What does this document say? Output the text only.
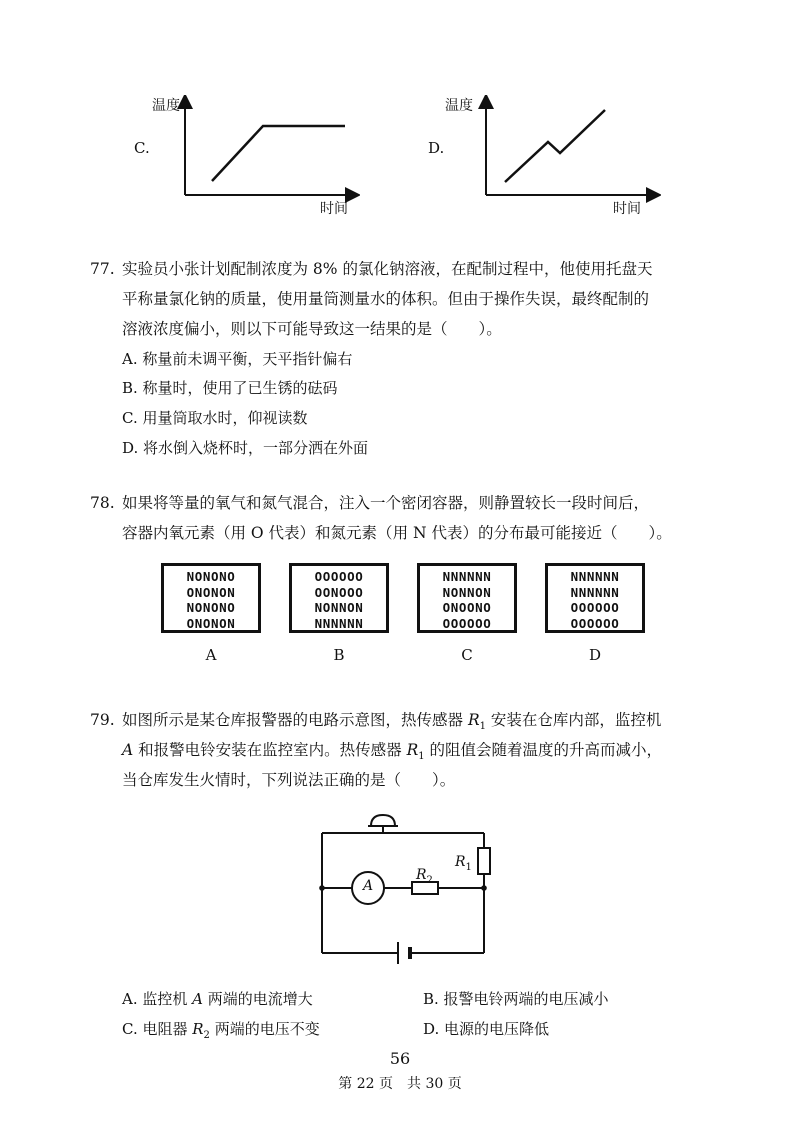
C.
温度
时间
D.
温度
时间
77. 实验员小张计划配制浓度为 8% 的氯化钠溶液，在配制过程中，他使用托盘天
平称量氯化钠的质量，使用量筒测量水的体积。但由于操作失误，最终配制的
溶液浓度偏小，则以下可能导致这一结果的是（　　）。
A. 称量前未调平衡，天平指针偏右
B. 称量时，使用了已生锈的砝码
C. 用量筒取水时，仰视读数
D. 将水倒入烧杯时，一部分洒在外面
78. 如果将等量的氧气和氮气混合，注入一个密闭容器，则静置较长一段时间后，
容器内氧元素（用 O 代表）和氮元素（用 N 代表）的分布最可能接近（　　）。
NONONO
ONONON
NONONO
ONONON
A
OOOOOO
OONOOO
NONNON
NNNNNN
B
NNNNNN
NONNON
ONOONO
OOOOOO
C
NNNNNN
NNNNNN
OOOOOO
OOOOOO
D
79. 如图所示是某仓库报警器的电路示意图，热传感器 $R_1$ 安装在仓库内部，监控机
A 和报警电铃安装在监控室内。热传感器 $R_1$ 的阻值会随着温度的升高而减小，
当仓库发生火情时，下列说法正确的是（　　）。
A
$R_2$
$R_1$
A. 监控机 A 两端的电流增大	B. 报警电铃两端的电压减小
C. 电阻器 $R_2$ 两端的电压不变	D. 电源的电压降低
56
第 22 页　共 30 页
